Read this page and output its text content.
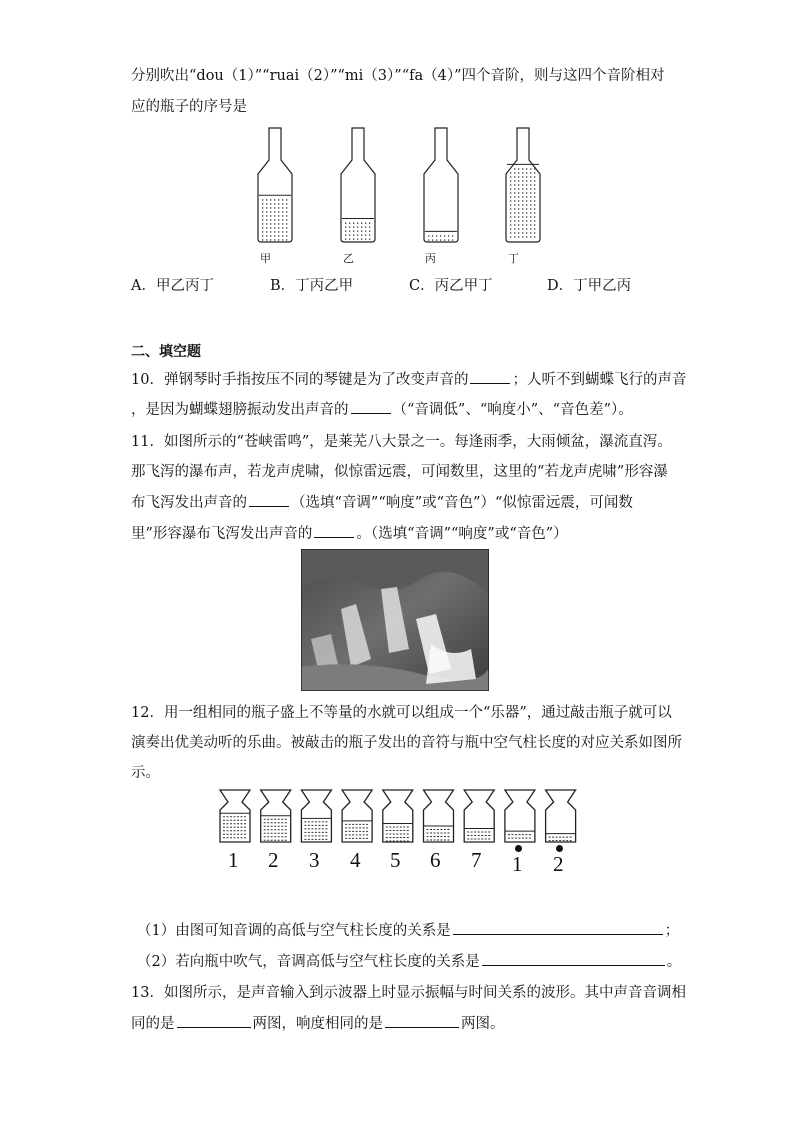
分别吹出“dou（1）”“ruai（2）”“mi（3）”“fa（4）”四个音阶，则与这四个音阶相对
应的瓶子的序号是
甲	乙	丙	丁
A．甲乙丙丁	B．丁丙乙甲	C．丙乙甲丁	D．丁甲乙丙
二、填空题
10．弹钢琴时手指按压不同的琴键是为了改变声音的	；人听不到蝴蝶飞行的声音
，是因为蝴蝶翅膀振动发出声音的	（“音调低”、“响度小”、“音色差”）。
11．如图所示的“苍峡雷鸣”，是莱芜八大景之一。每逢雨季，大雨倾盆，瀑流直泻。
那飞泻的瀑布声，若龙声虎啸，似惊雷远震，可闻数里，这里的“若龙声虎啸”形容瀑
布飞泻发出声音的	（选填“音调”“响度”或“音色”）“似惊雷远震，可闻数
里”形容瀑布飞泻发出声音的	。（选填“音调”“响度”或“音色”）
12．用一组相同的瓶子盛上不等量的水就可以组成一个“乐器”，通过敲击瓶子就可以
演奏出优美动听的乐曲。被敲击的瓶子发出的音符与瓶中空气柱长度的对应关系如图所
示。
1 2 3 4 5 6 7 1 2
（1）由图可知音调的高低与空气柱长度的关系是	；
（2）若向瓶中吹气，音调高低与空气柱长度的关系是	。
13．如图所示，是声音输入到示波器上时显示振幅与时间关系的波形。其中声音音调相
同的是	两图，响度相同的是	两图。
